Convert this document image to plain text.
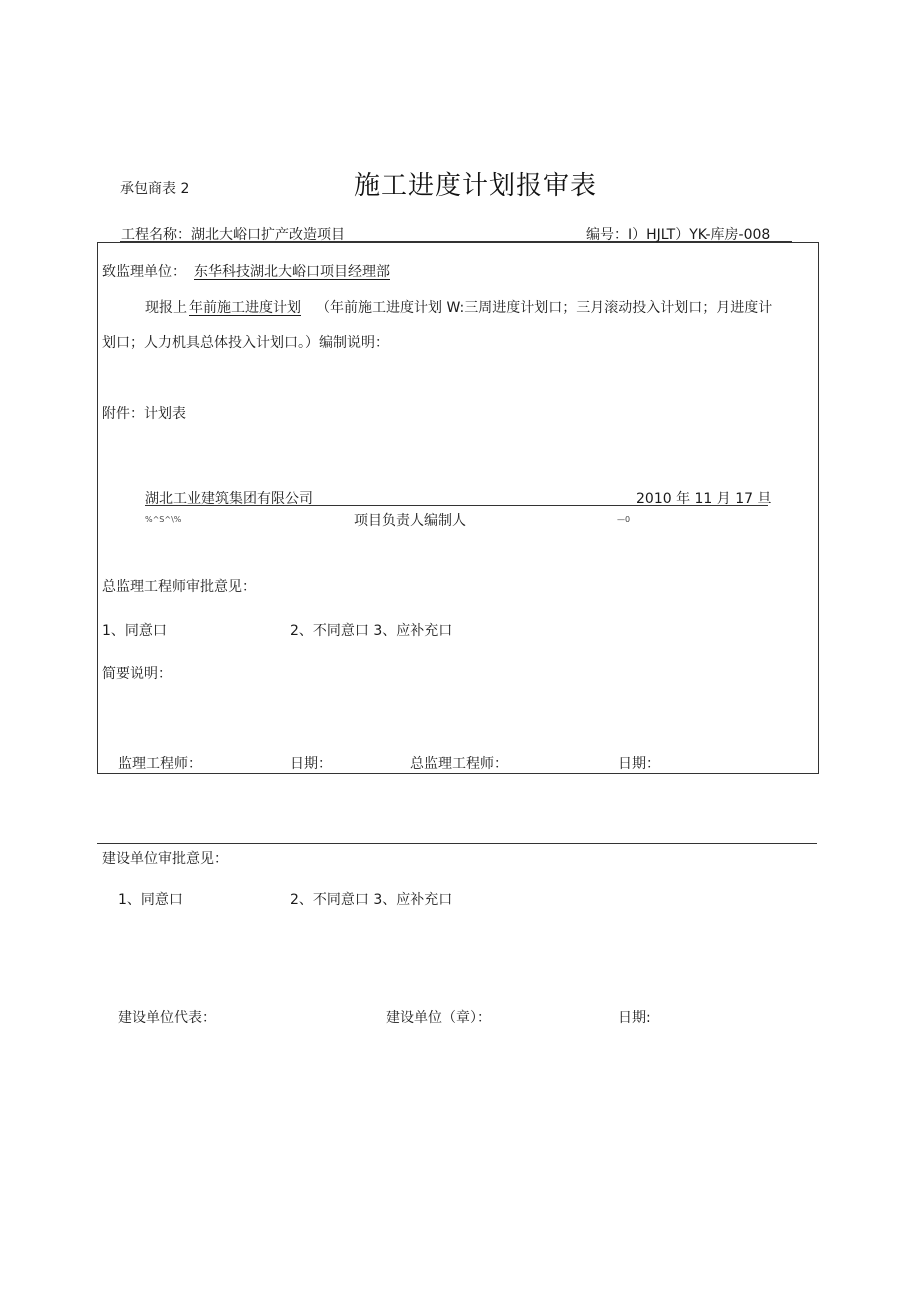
承包商表 2	施工进度计划报审表
工程名称：湖北大峪口扩产改造项目	编号：I）HJLT）YK-库房-008
致监理单位： 东华科技湖北大峪口项目经理部
现报上 年前施工进度计划 （年前施工进度计划 W:三周进度计划口；三月滚动投入计划口；月进度计
划口；人力机具总体投入计划口。）编制说明：
附件：计划表
湖北工业建筑集团有限公司	2010 年 11 月 17 旦
%^S^\%	项目负责人编制人	—0
总监理工程师审批意见：
1、同意口	2、不同意口 3、应补充口
简要说明：
监理工程师：	日期：	总监理工程师：	日期：
建设单位审批意见：
1、同意口	2、不同意口 3、应补充口
建设单位代表：	建设单位（章）：	日期:
